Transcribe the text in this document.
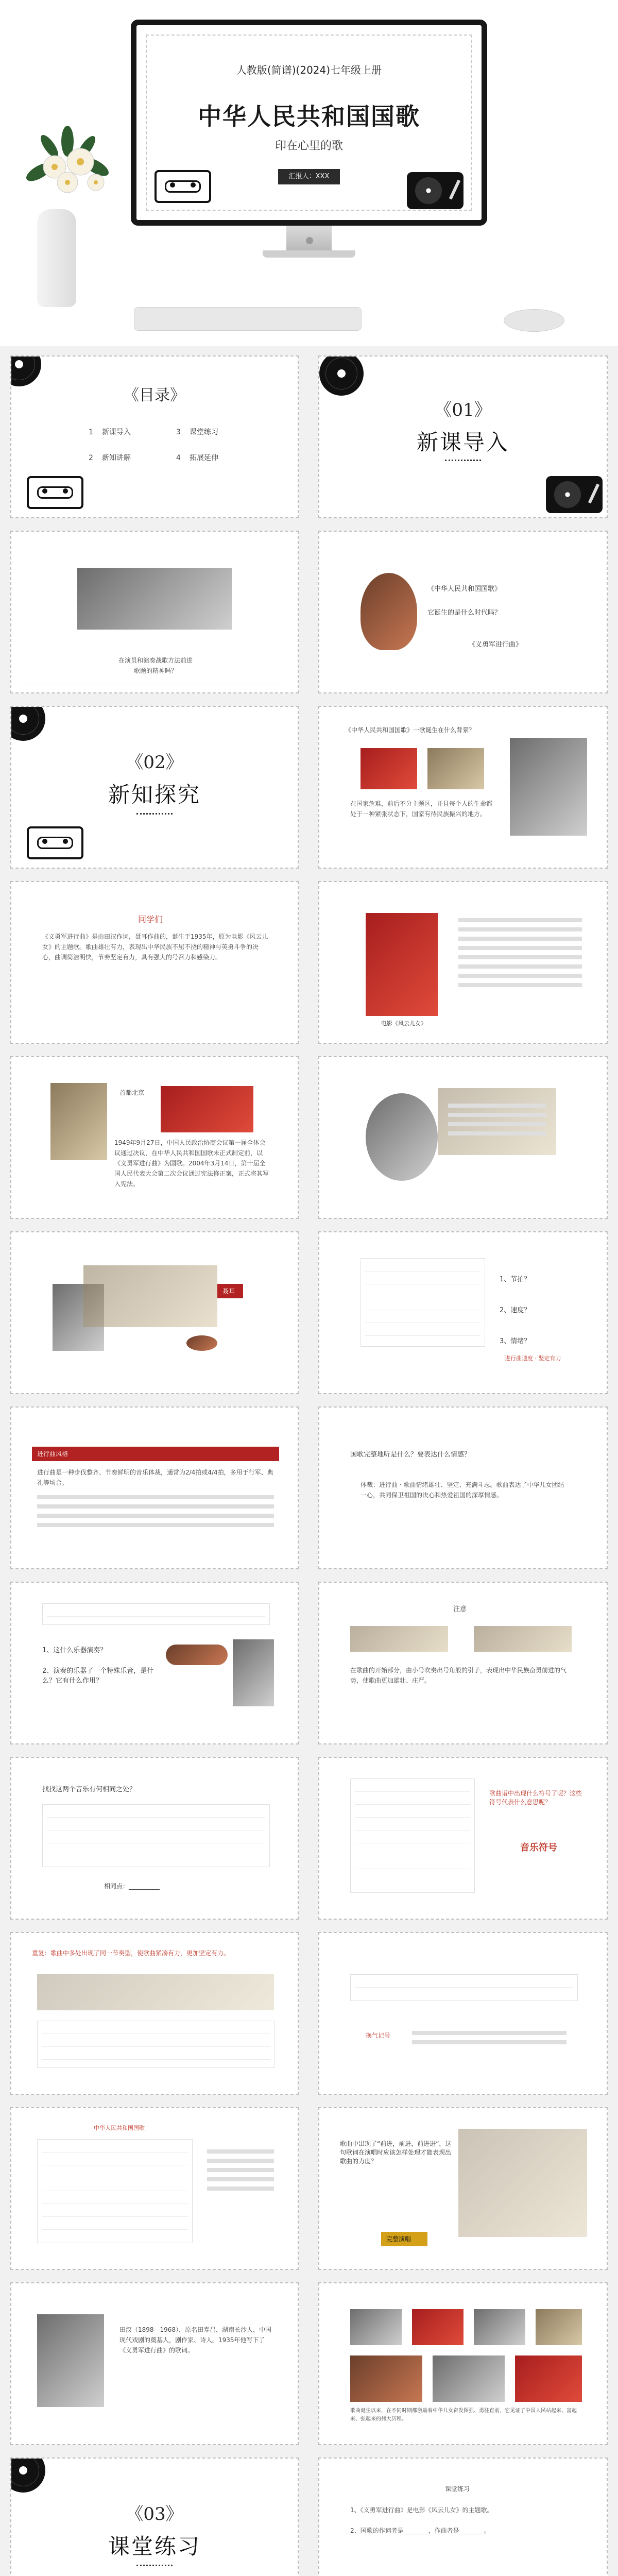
人教版(简谱)(2024)七年级上册
中华人民共和国国歌
印在心里的歌
汇报人：XXX
《目录》
1 新课导入	3 课堂练习
2 新知讲解	4 拓展延伸
《01》
新课导入
在演员和演奏战歌方法前进
歌题的精神吗？
《中华人民共和国国歌》
它诞生的是什么时代吗？
《义勇军进行曲》
《02》
新知探究
《中华人民共和国国歌》一歌诞生在什么背景？
在国家危难，前后不分主题区，并且每个人的生命都处于一种紧张状态下，国家有待民族振兴的地方。
同学们
《义勇军进行曲》是由田汉作词，聂耳作曲的，诞生于1935年，原为电影《风云儿女》的主题歌。歌曲雄壮有力，表现出中华民族不屈不挠的精神与英勇斗争的决心，曲调简洁明快，节奏坚定有力，具有强大的号召力和感染力。
电影《风云儿女》
首都北京
1949年9月27日，中国人民政治协商会议第一届全体会议通过决议，在中华人民共和国国歌未正式制定前，以《义勇军进行曲》为国歌。2004年3月14日，第十届全国人民代表大会第二次会议通过宪法修正案，正式将其写入宪法。
聂耳
1、节拍？
2、速度？
3、情绪？
进行曲速度 · 坚定有力
进行曲风格
进行曲是一种步伐整齐、节奏鲜明的音乐体裁，通常为2/4拍或4/4拍，多用于行军、典礼等场合。
国歌完整地听是什么？要表达什么情感？
体裁：进行曲 · 歌曲情绪雄壮、坚定、充满斗志。歌曲表达了中华儿女团结一心，共同保卫祖国的决心和热爱祖国的深厚情感。
1、这什么乐器演奏？
2、演奏的乐器了一个特殊乐音，是什么？它有什么作用？
注意
在歌曲的开始部分，由小号吹奏出号角般的引子，表现出中华民族奋勇前进的气势，使歌曲更加雄壮、庄严。
找找这两个音乐有何相同之处？
相同点：__________
歌曲谱中出现什么符号了呢？这些符号代表什么意思呢？
音乐符号
重复：歌曲中多处出现了同一节奏型，使歌曲紧凑有力，更加坚定有力。
换气记号
中华人民共和国国歌
歌曲中出现了“前进，前进，前进进”，这句歌词在演唱时应该怎样处理才能表现出歌曲的力度？
完整演唱
田汉（1898—1968），原名田寿昌，湖南长沙人，中国现代戏剧的奠基人，剧作家、诗人。1935年他写下了《义勇军进行曲》的歌词。
歌曲诞生以来，在不同时期都激励着中华儿女奋发图强、勇往直前，它见证了中国人民站起来、富起来、强起来的伟大历程。
《03》
课堂练习
课堂练习
1、《义勇军进行曲》是电影《风云儿女》的主题歌。
2、国歌的作词者是________，作曲者是________。
